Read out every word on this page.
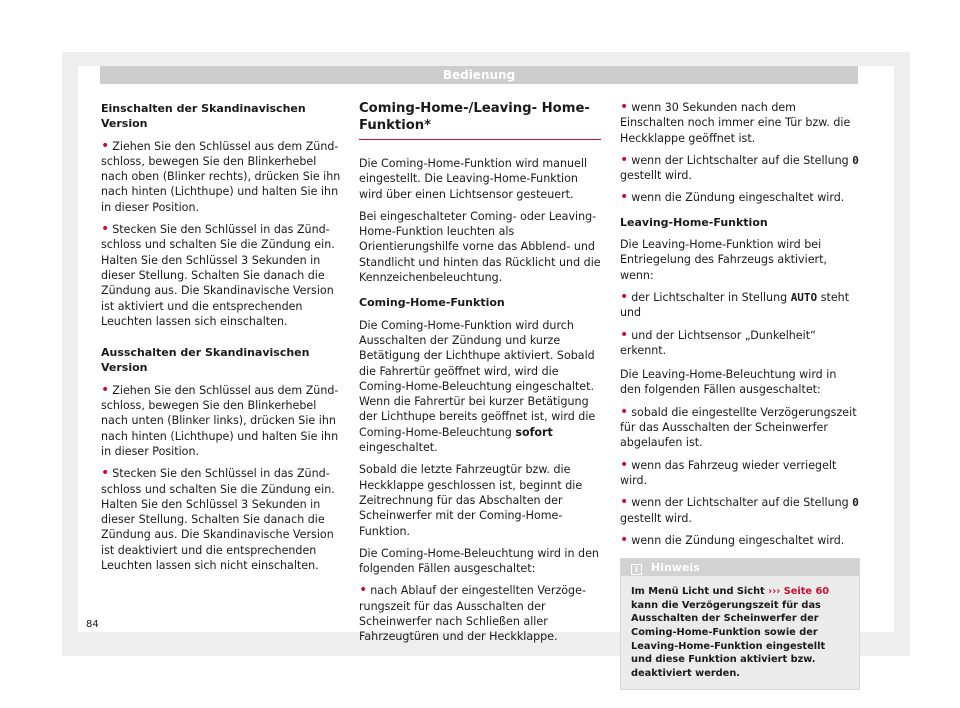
Bedienung

Einschalten der Skandinavischen Version

• Ziehen Sie den Schlüssel aus dem Zündschloss, bewegen Sie den Blinkerhebel nach oben (Blinker rechts), drücken Sie ihn nach hinten (Lichthupe) und halten Sie ihn in dieser Position.

• Stecken Sie den Schlüssel in das Zündschloss und schalten Sie die Zündung ein. Halten Sie den Schlüssel 3 Sekunden in dieser Stellung. Schalten Sie danach die Zündung aus. Die Skandinavische Version ist aktiviert und die entsprechenden Leuchten lassen sich einschalten.

Ausschalten der Skandinavischen Version

• Ziehen Sie den Schlüssel aus dem Zündschloss, bewegen Sie den Blinkerhebel nach unten (Blinker links), drücken Sie ihn nach hinten (Lichthupe) und halten Sie ihn in dieser Position.

• Stecken Sie den Schlüssel in das Zündschloss und schalten Sie die Zündung ein. Halten Sie den Schlüssel 3 Sekunden in dieser Stellung. Schalten Sie danach die Zündung aus. Die Skandinavische Version ist deaktiviert und die entsprechenden Leuchten lassen sich nicht einschalten.

Coming-Home-/Leaving- Home-Funktion*

Die Coming-Home-Funktion wird manuell eingestellt. Die Leaving-Home-Funktion wird über einen Lichtsensor gesteuert.

Bei eingeschalteter Coming- oder Leaving-Home-Funktion leuchten als Orientierungshilfe vorne das Abblend- und Standlicht und hinten das Rücklicht und die Kennzeichenbeleuchtung.

Coming-Home-Funktion

Die Coming-Home-Funktion wird durch Ausschalten der Zündung und kurze Betätigung der Lichthupe aktiviert. Sobald die Fahrertür geöffnet wird, wird die Coming-Home-Beleuchtung eingeschaltet. Wenn die Fahrertür bei kurzer Betätigung der Lichthupe bereits geöffnet ist, wird die Coming-Home-Beleuchtung sofort eingeschaltet.

Sobald die letzte Fahrzeugtür bzw. die Heckklappe geschlossen ist, beginnt die Zeitrechnung für das Abschalten der Scheinwerfer mit der Coming-Home-Funktion.

Die Coming-Home-Beleuchtung wird in den folgenden Fällen ausgeschaltet:

• nach Ablauf der eingestellten Verzögerungszeit für das Ausschalten der Scheinwerfer nach Schließen aller Fahrzeugtüren und der Heckklappe.

• wenn 30 Sekunden nach dem Einschalten noch immer eine Tür bzw. die Heckklappe geöffnet ist.

• wenn der Lichtschalter auf die Stellung 0 gestellt wird.

• wenn die Zündung eingeschaltet wird.

Leaving-Home-Funktion

Die Leaving-Home-Funktion wird bei Entriegelung des Fahrzeugs aktiviert, wenn:

• der Lichtschalter in Stellung AUTO steht und

• und der Lichtsensor „Dunkelheit“ erkennt.

Die Leaving-Home-Beleuchtung wird in den folgenden Fällen ausgeschaltet:

• sobald die eingestellte Verzögerungszeit für das Ausschalten der Scheinwerfer abgelaufen ist.

• wenn das Fahrzeug wieder verriegelt wird.

• wenn der Lichtschalter auf die Stellung 0 gestellt wird.

• wenn die Zündung eingeschaltet wird.

i Hinweis
Im Menü Licht und Sicht ››› Seite 60 kann die Verzögerungszeit für das Ausschalten der Scheinwerfer der Coming-Home-Funktion sowie der Leaving-Home-Funktion eingestellt und diese Funktion aktiviert bzw. deaktiviert werden.
84
